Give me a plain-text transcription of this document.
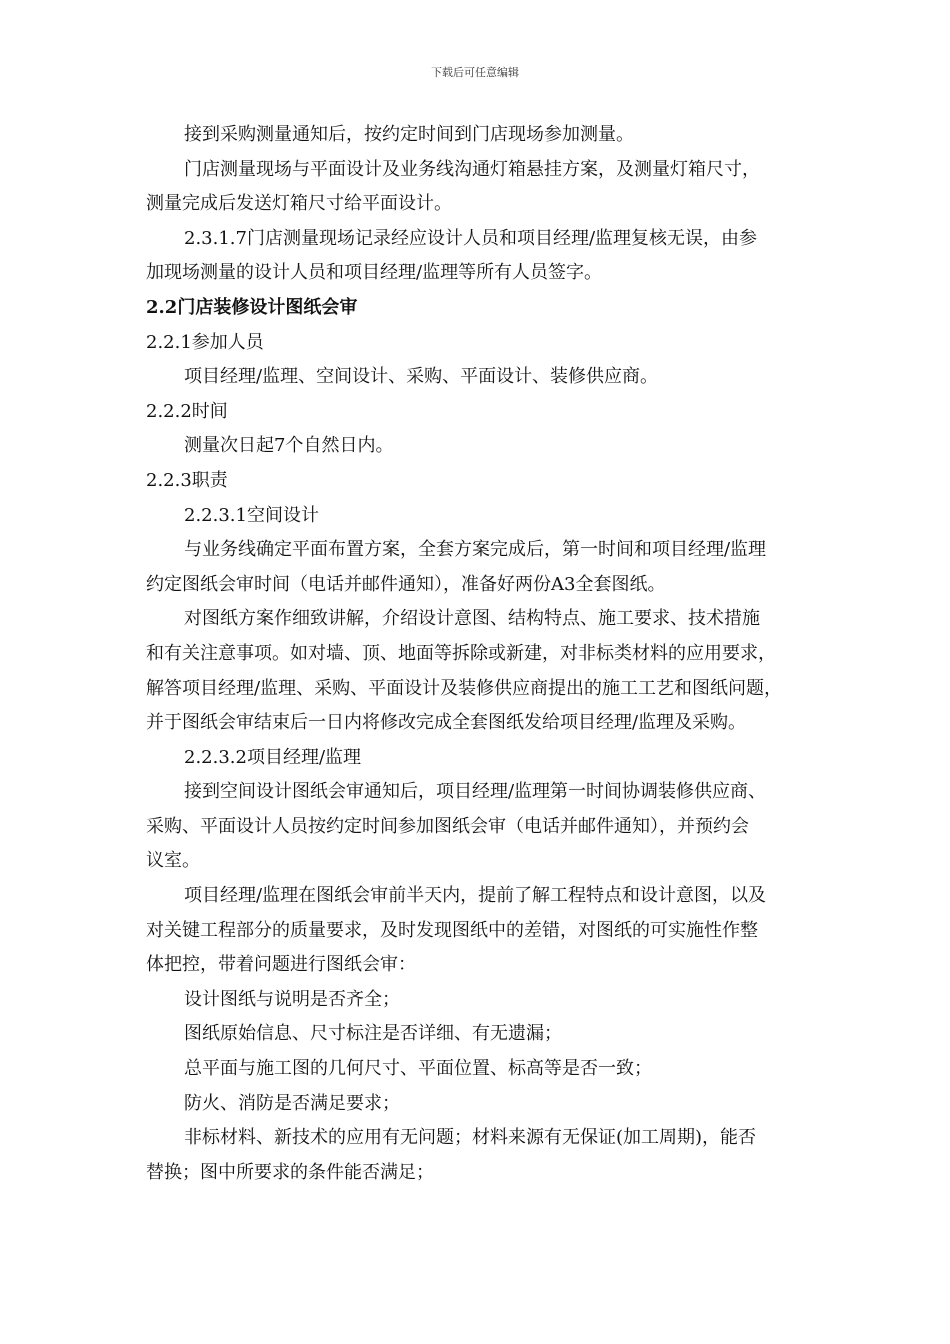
下载后可任意编辑
接到采购测量通知后，按约定时间到门店现场参加测量。
门店测量现场与平面设计及业务线沟通灯箱悬挂方案，及测量灯箱尺寸，
测量完成后发送灯箱尺寸给平面设计。
2.3.1.7门店测量现场记录经应设计人员和项目经理/监理复核无误，由参
加现场测量的设计人员和项目经理/监理等所有人员签字。
2.2门店装修设计图纸会审
2.2.1参加人员
项目经理/监理、空间设计、采购、平面设计、装修供应商。
2.2.2时间
测量次日起7个自然日内。
2.2.3职责
2.2.3.1空间设计
与业务线确定平面布置方案，全套方案完成后，第一时间和项目经理/监理
约定图纸会审时间（电话并邮件通知），准备好两份A3全套图纸。
对图纸方案作细致讲解，介绍设计意图、结构特点、施工要求、技术措施
和有关注意事项。如对墙、顶、地面等拆除或新建，对非标类材料的应用要求，
解答项目经理/监理、采购、平面设计及装修供应商提出的施工工艺和图纸问题，
并于图纸会审结束后一日内将修改完成全套图纸发给项目经理/监理及采购。
2.2.3.2项目经理/监理
接到空间设计图纸会审通知后，项目经理/监理第一时间协调装修供应商、
采购、平面设计人员按约定时间参加图纸会审（电话并邮件通知），并预约会
议室。
项目经理/监理在图纸会审前半天内，提前了解工程特点和设计意图，以及
对关键工程部分的质量要求，及时发现图纸中的差错，对图纸的可实施性作整
体把控，带着问题进行图纸会审：
设计图纸与说明是否齐全；
图纸原始信息、尺寸标注是否详细、有无遗漏；
总平面与施工图的几何尺寸、平面位置、标高等是否一致；
防火、消防是否满足要求；
非标材料、新技术的应用有无问题；材料来源有无保证(加工周期)，能否
替换；图中所要求的条件能否满足；
